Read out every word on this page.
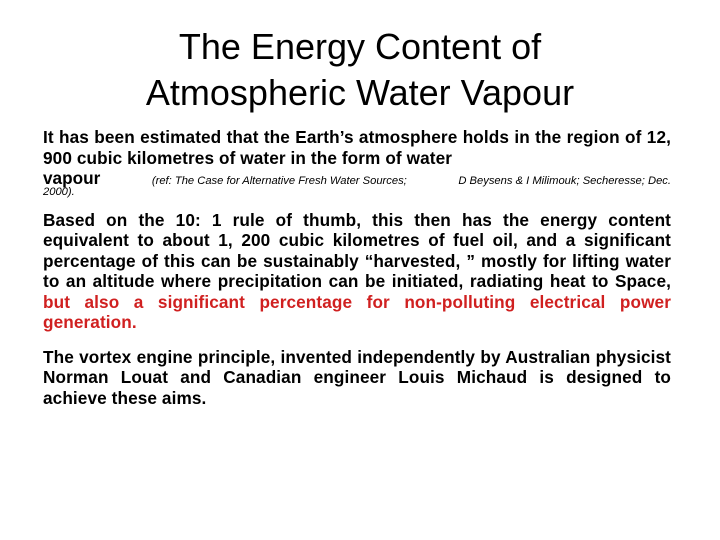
The Energy Content of
Atmospheric Water Vapour

It has been estimated that the Earth’s atmosphere holds in the region of 12, 900 cubic kilometres of water in the form of water

vapour	(ref: The Case for Alternative Fresh Water Sources;	D Beysens & I Milimouk; Secheresse; Dec.
2000).

Based on the 10: 1 rule of thumb, this then has the energy content equivalent to about 1, 200 cubic kilometres of fuel oil, and a significant percentage of this can be sustainably “harvested, ” mostly for lifting water to an altitude where precipitation can be initiated, radiating heat to Space, but also a significant percentage for non-polluting electrical power generation.

The vortex engine principle, invented independently by Australian physicist Norman Louat and Canadian engineer Louis Michaud is designed to achieve these aims.
